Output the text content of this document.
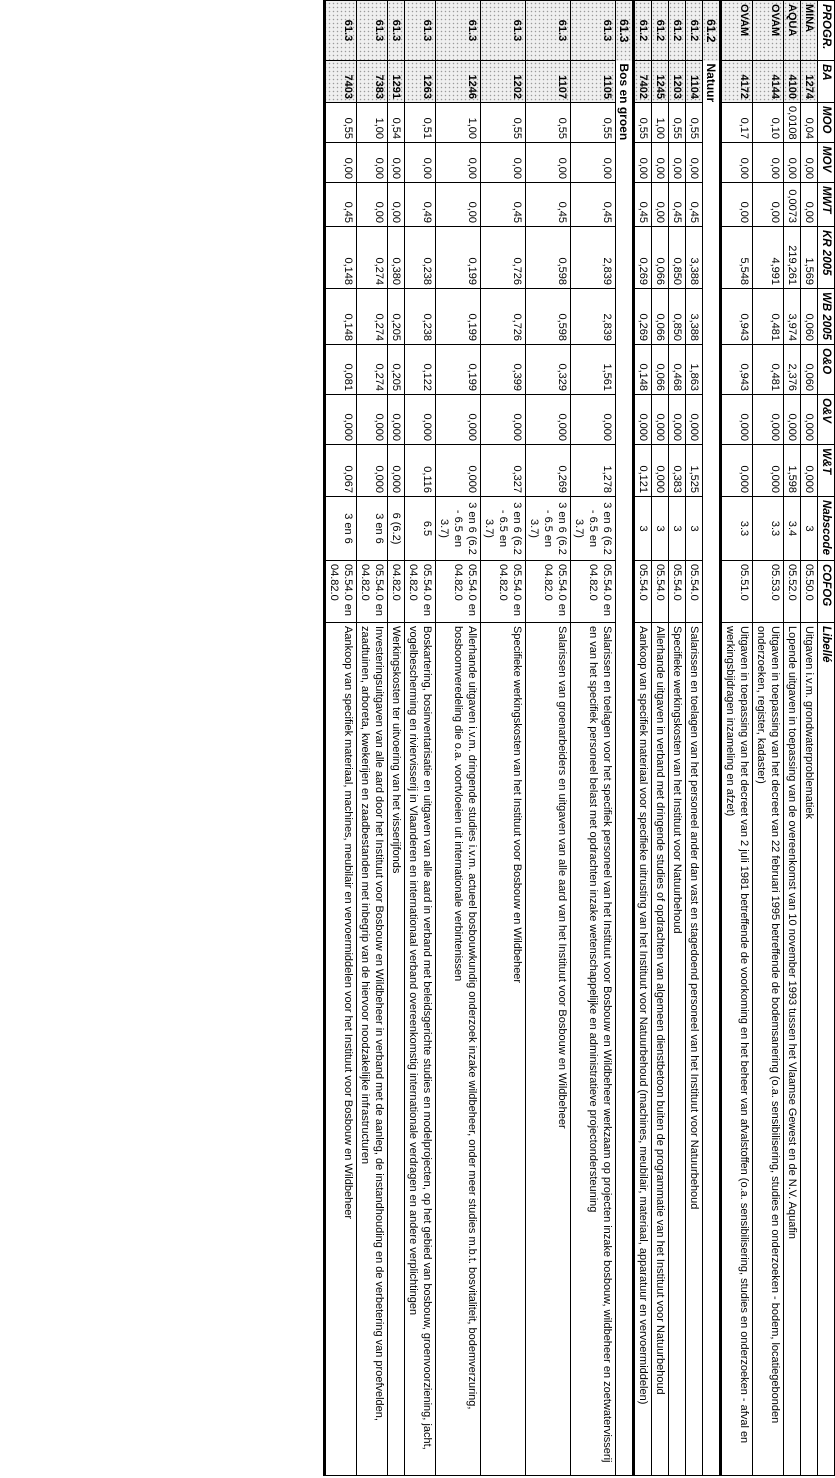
PROGR.	BA	MOO	MOV	MWT	KR 2005	WB 2005	O&O	O&V	W&T	Nabscode	COFOG	Libellé
MINA	1274	0,04	0,00	0,00	1,569	0,060	0,060	0,000	0,000	3	05.50.0	Uitgaven i.v.m. grondwaterproblematiek
AQUA	4100	0,0108	0,00	0,0073	219,261	3,974	2,376	0,000	1,598	3.4	05.52.0	Lopende uitgaven in toepassing van de overeenkomst van 10 november 1993 tussen het Vlaamse Gewest en de N.V. Aquafin
OVAM	4144	0,10	0,00	0,00	4,991	0,481	0,481	0,000	0,000	3.3	05.53.0	Uitgaven in toepassing van het decreet van 22 februari 1995 betreffende de bodemsanering (o.a. sensibilisering, studies en onderzoeken - bodem, locatiegebonden onderzoeken, register, kadaster)
OVAM	4172	0,17	0,00	0,00	5,548	0,943	0,943	0,000	0,000	3.3	05.51.0	Uitgaven in toepassing van het decreet van 2 juli 1981 betreffende de voorkoming en het beheer van afvalstoffen (o.a. sensibilisering, studies en onderzoeken - afval en werkingsbijdragen inzameling en afzet)
61.2	Natuur											
61.2	1104	0,55	0,00	0,45	3,388	3,388	1,863	0,000	1,525	3	05.54.0	Salarissen en toelagen van het personeel ander dan vast en stagedoend personeel van het Instituut voor Natuurbehoud
61.2	1203	0,55	0,00	0,45	0,850	0,850	0,468	0,000	0,383	3	05.54.0	Specifieke werkingskosten van het Instituut voor Natuurbehoud
61.2	1245	1,00	0,00	0,00	0,066	0,066	0,066	0,000	0,000	3	05.54.0	Allerhande uitgaven in verband met dringende studies of opdrachten van algemeen dienstbetoon buiten de programmatie van het Instituut voor Natuurbehoud
61.2	7402	0,55	0,00	0,45	0,269	0,269	0,148	0,000	0,121	3	05.54.0	Aankoop van specifiek materiaal voor specifieke uitrusting van het Instituut voor Natuurbehoud (machines, meubilair, materiaal, apparatuur en vervoermiddelen)
61.3	Bos en groen											
61.3	1105	0,55	0,00	0,45	2,839	2,839	1,561	0,000	1,278	3 en 6 (6.2 - 6.5 en 3.7)	05.54.0 en 04.82.0	Salarissen en toelagen voor het specifiek personeel van het Instituut voor Bosbouw en Wildbeheer werkzaam op projecten inzake bosbouw, wildbeheer en zoetwatervisserij en van het specifiek personeel belast met opdrachten inzake wetenschappelijke en administratieve projectondersteuning
61.3	1107	0,55	0,00	0,45	0,598	0,598	0,329	0,000	0,269	3 en 6 (6.2 - 6.5 en 3.7)	05.54.0 en 04.82.0	Salarissen van groenarbeiders en uitgaven van alle aard van het Instituut voor Bosbouw en Wildbeheer
61.3	1202	0,55	0,00	0,45	0,726	0,726	0,399	0,000	0,327	3 en 6 (6.2 - 6.5 en 3.7)	05.54.0 en 04.82.0	Specifieke werkingskosten van het Instituut voor Bosbouw en Wildbeheer
61.3	1246	1,00	0,00	0,00	0,199	0,199	0,199	0,000	0,000	3 en 6 (6.2 - 6.5 en 3.7)	05.54.0 en 04.82.0	Allerhande uitgaven i.v.m. dringende studies i.v.m. actueel bosbouwkundig onderzoek inzake wildbeheer, onder meer studies m.b.t. bosvitaliteit, bodemverzuring, bosboomveredeling die o.a. voortvloeien uit internationale verbintenissen
61.3	1263	0,51	0,00	0,49	0,238	0,238	0,122	0,000	0,116	6.5	05.54.0 en 04.82.0	Boskartering, bosinventarisatie en uitgaven van alle aard in verband met beleidsgerichte studies en modelprojecten, op het gebied van bosbouw, groenvoorziening, jacht, vogelbescherming en riviervisserij in Vlaanderen en internationaal verband overeenkomstig internationale verdragen en andere verplichtingen
61.3	1291	0,54	0,00	0,00	0,380	0,205	0,205	0,000	0,000	6 (6.2)	04.82.0	Werkingskosten ter uitvoering van het visserijfonds
61.3	7383	1,00	0,00	0,00	0,274	0,274	0,274	0,000	0,000	3 en 6	05.54.0 en 04.82.0	Investeringsuitgaven van alle aard door het Instituut voor Bosbouw en Wildbeheer in verband met de aanleg, de instandhouding en de verbetering van proefvelden, zaadtuinen, arboreta, kwekerijen en zaadbestanden met inbegrip van de hiervoor noodzakelijke infrastructuren
61.3	7403	0,55	0,00	0,45	0,148	0,148	0,081	0,000	0,067	3 en 6	05.54.0 en 04.82.0	Aankoop van specifiek materiaal, machines, meubilair en vervoermiddelen voor het Instituut voor Bosbouw en Wildbeheer
